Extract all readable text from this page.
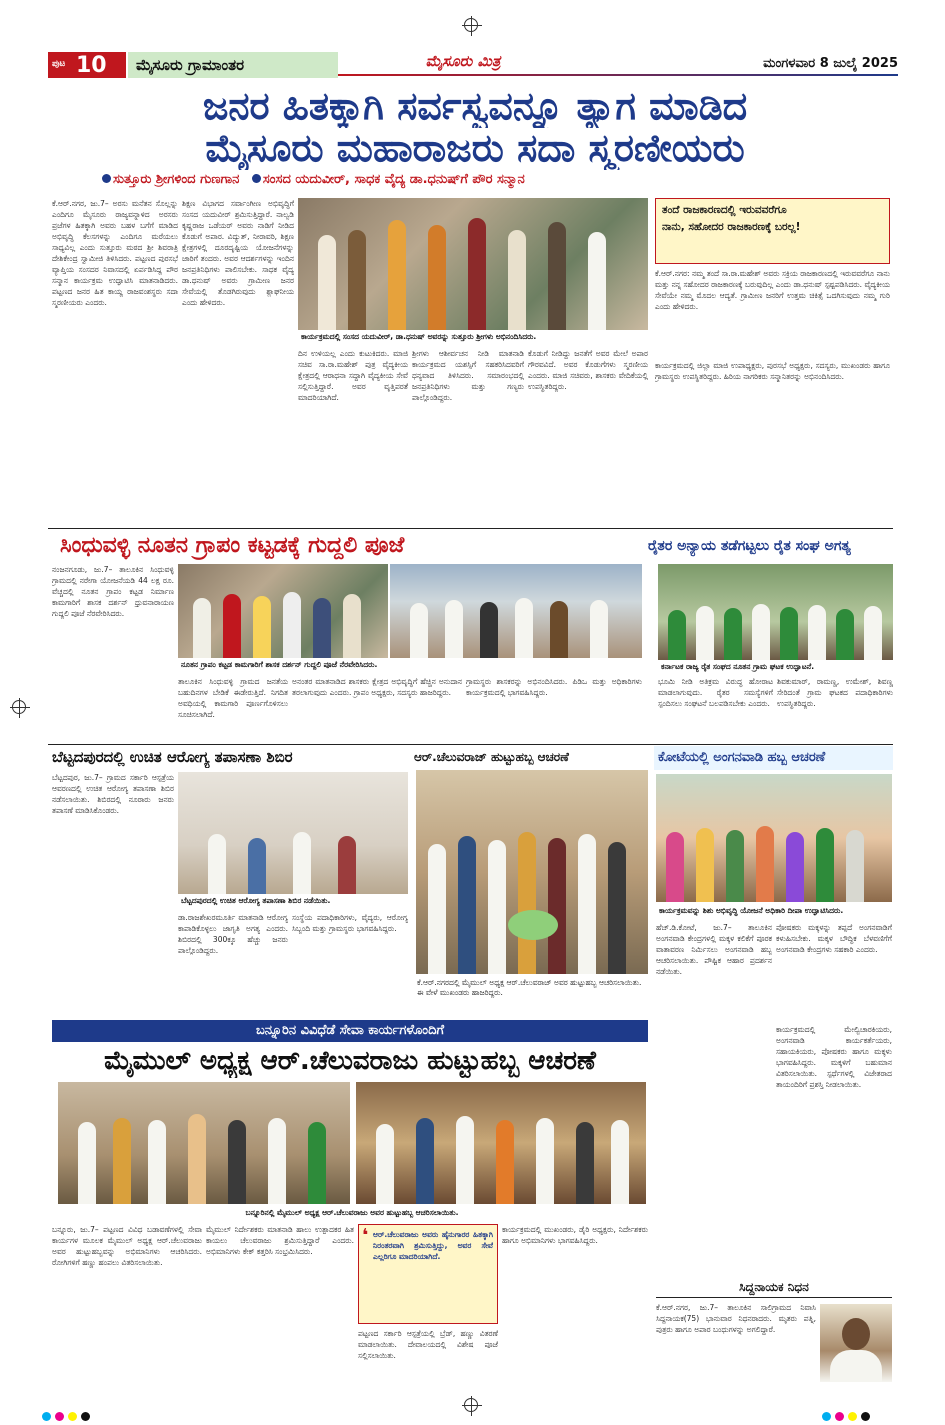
ಪುಟ 10	ಮೈಸೂರು ಗ್ರಾಮಾಂತರ	ಮೈಸೂರು ಮಿತ್ರ	ಮಂಗಳವಾರ 8 ಜುಲೈ 2025
ಜನರ ಹಿತಕ್ಕಾಗಿ ಸರ್ವಸ್ವವನ್ನೂ ತ್ಯಾಗ ಮಾಡಿದ
ಮೈಸೂರು ಮಹಾರಾಜರು ಸದಾ ಸ್ಮರಣೀಯರು
ಸುತ್ತೂರು ಶ್ರೀಗಳಿಂದ ಗುಣಗಾನ ಸಂಸದ ಯದುವೀರ್, ಸಾಧಕ ವೈದ್ಯ ಡಾ.ಧನುಷ್‌ಗೆ ಪೌರ ಸನ್ಮಾನ
ಕೆ.ಆರ್.ನಗರ, ಜು.7– ಅರಸು ಮನೆತನ ಸೊಲ್ಲನ್ನು ಎಂದಿಗೂ ಮೈಸೂರು ರಾಜ್ಯವನ್ನಾಳಿದ ಅರಸರು ಪ್ರಜೆಗಳ ಹಿತಕ್ಕಾಗಿ ಅವರು ಬಹಳ ಬಗೆಗೆ ಮಾಡಿದ ಅಭಿವೃದ್ಧಿ ಕೆಲಸಗಳನ್ನು ಎಂದಿಗೂ ಮರೆಯಲು ಸಾಧ್ಯವಿಲ್ಲ ಎಂದು ಸುತ್ತೂರು ಮಠದ ಶ್ರೀ ಶಿವರಾತ್ರಿ ದೇಶಿಕೇಂದ್ರ ಸ್ವಾಮೀಜಿ ತಿಳಿಸಿದರು. ಪಟ್ಟಣದ ಪುರಸಭೆ ವ್ಯಾಪ್ತಿಯ ಸಂಸದರ ನಿವಾಸದಲ್ಲಿ ಏರ್ಪಡಿಸಿದ್ದ ಪೌರ ಸನ್ಮಾನ ಕಾರ್ಯಕ್ರಮ ಉದ್ಘಾಟಿಸಿ ಮಾತನಾಡಿದರು. ಪಟ್ಟಣದ ಜನರ ಹಿತ ಕಾಯ್ದ ರಾಜವಂಶಸ್ಥರು ಸದಾ ಸ್ಮರಣೀಯರು ಎಂದರು.
ಶಿಕ್ಷಣ ವಿಭಾಗದ ಸರ್ವಾಂಗೀಣ ಅಭಿವೃದ್ಧಿಗೆ ಸಂಸದ ಯದುವೀರ್ ಶ್ರಮಿಸುತ್ತಿದ್ದಾರೆ. ನಾಲ್ವಡಿ ಕೃಷ್ಣರಾಜ ಒಡೆಯರ್ ಅವರು ನಾಡಿಗೆ ನೀಡಿದ ಕೊಡುಗೆ ಅಪಾರ. ವಿದ್ಯುತ್, ನೀರಾವರಿ, ಶಿಕ್ಷಣ ಕ್ಷೇತ್ರಗಳಲ್ಲಿ ದೂರದೃಷ್ಟಿಯ ಯೋಜನೆಗಳನ್ನು ಜಾರಿಗೆ ತಂದರು. ಅವರ ಆದರ್ಶಗಳನ್ನು ಇಂದಿನ ಜನಪ್ರತಿನಿಧಿಗಳು ಪಾಲಿಸಬೇಕು. ಸಾಧಕ ವೈದ್ಯ ಡಾ.ಧನುಷ್ ಅವರು ಗ್ರಾಮೀಣ ಜನರ ಸೇವೆಯಲ್ಲಿ ತೊಡಗಿರುವುದು ಶ್ಲಾಘನೀಯ ಎಂದು ಹೇಳಿದರು.
ಕಾರ್ಯಕ್ರಮದಲ್ಲಿ ಸಂಸದ ಯದುವೀರ್, ಡಾ.ಧನುಷ್ ಅವರನ್ನು ಸುತ್ತೂರು ಶ್ರೀಗಳು ಅಭಿನಂದಿಸಿದರು.
ದಿನ ಉಳಿಯಲ್ಲ ಎಂದು ಕುಟುಕಿದರು. ಮಾಜಿ ಸಚಿವ ಸಾ.ರಾ.ಮಹೇಶ್ ಪುತ್ರ ವೈದ್ಯಕೀಯ ಕ್ಷೇತ್ರದಲ್ಲಿ ಆರಾಧನಾ ಸದ್ದಾಗಿ ವೈದ್ಯಕೀಯ ಸೇವೆ ಸಲ್ಲಿಸುತ್ತಿದ್ದಾರೆ. ಅವರ ವೃತ್ತಿಪರತೆ ಮಾದರಿಯಾಗಿದೆ.
ಶ್ರೀಗಳು ಆಶೀರ್ವಚನ ನೀಡಿ ಮಾತನಾಡಿ ಕಾರ್ಯಕ್ರಮದ ಯಶಸ್ಸಿಗೆ ಸಹಕರಿಸಿದವರಿಗೆ ಧನ್ಯವಾದ ತಿಳಿಸಿದರು. ಸಮಾರಂಭದಲ್ಲಿ ಜನಪ್ರತಿನಿಧಿಗಳು ಮತ್ತು ಗಣ್ಯರು ಪಾಲ್ಗೊಂಡಿದ್ದರು.
ಕೊಡುಗೆ ನೀಡಿದ್ದು ಜನತೆಗೆ ಅವರ ಮೇಲೆ ಅಪಾರ ಗೌರವವಿದೆ. ಅವರ ಕೊಡುಗೆಗಳು ಸ್ಮರಣೀಯ ಎಂದರು. ಮಾಜಿ ಸಚಿವರು, ಶಾಸಕರು ವೇದಿಕೆಯಲ್ಲಿ ಉಪಸ್ಥಿತರಿದ್ದರು.
ತಂದೆ ರಾಜಕಾರಣದಲ್ಲಿ ಇರುವವರೆಗೂ
ನಾನು, ಸಹೋದರ ರಾಜಕಾರಣಕ್ಕೆ ಬರಲ್ಲ!
ಕೆ.ಆರ್.ನಗರ: ನಮ್ಮ ತಂದೆ ಸಾ.ರಾ.ಮಹೇಶ್ ಅವರು ಸಕ್ರಿಯ ರಾಜಕಾರಣದಲ್ಲಿ ಇರುವವರೆಗೂ ನಾನು ಮತ್ತು ನನ್ನ ಸಹೋದರ ರಾಜಕಾರಣಕ್ಕೆ ಬರುವುದಿಲ್ಲ ಎಂದು ಡಾ.ಧನುಷ್ ಸ್ಪಷ್ಟಪಡಿಸಿದರು. ವೈದ್ಯಕೀಯ ಸೇವೆಯೇ ನಮ್ಮ ಮೊದಲ ಆದ್ಯತೆ. ಗ್ರಾಮೀಣ ಜನರಿಗೆ ಉತ್ತಮ ಚಿಕಿತ್ಸೆ ಒದಗಿಸುವುದು ನಮ್ಮ ಗುರಿ ಎಂದು ಹೇಳಿದರು.
ಕಾರ್ಯಕ್ರಮದಲ್ಲಿ ಜಿಲ್ಲಾ ಮಾಜಿ ಉಪಾಧ್ಯಕ್ಷರು, ಪುರಸಭೆ ಅಧ್ಯಕ್ಷರು, ಸದಸ್ಯರು, ಮುಖಂಡರು ಹಾಗೂ ಗ್ರಾಮಸ್ಥರು ಉಪಸ್ಥಿತರಿದ್ದರು. ಹಿರಿಯ ನಾಗರಿಕರು ಸನ್ಮಾನಿತರನ್ನು ಅಭಿನಂದಿಸಿದರು.
ಸಿಂಧುವಳ್ಳಿ ನೂತನ ಗ್ರಾಪಂ ಕಟ್ಟಡಕ್ಕೆ ಗುದ್ದಲಿ ಪೂಜೆ
ನಂಜನಗೂಡು, ಜು.7– ತಾಲೂಕಿನ ಸಿಂಧುವಳ್ಳಿ ಗ್ರಾಮದಲ್ಲಿ ನರೇಗಾ ಯೋಜನೆಯಡಿ 44 ಲಕ್ಷ ರೂ. ವೆಚ್ಚದಲ್ಲಿ ನೂತನ ಗ್ರಾಪಂ ಕಟ್ಟಡ ನಿರ್ಮಾಣ ಕಾಮಗಾರಿಗೆ ಶಾಸಕ ದರ್ಶನ್ ಧ್ರುವನಾರಾಯಣ ಗುದ್ದಲಿ ಪೂಜೆ ನೆರವೇರಿಸಿದರು.
ನೂತನ ಗ್ರಾಪಂ ಕಟ್ಟಡ ಕಾಮಗಾರಿಗೆ ಶಾಸಕ ದರ್ಶನ್ ಗುದ್ದಲಿ ಪೂಜೆ ನೆರವೇರಿಸಿದರು.
ತಾಲೂಕಿನ ಸಿಂಧುವಳ್ಳಿ ಗ್ರಾಮದ ಜನತೆಯ ಬಹುದಿನಗಳ ಬೇಡಿಕೆ ಈಡೇರುತ್ತಿದೆ. ನಿಗದಿತ ಅವಧಿಯಲ್ಲಿ ಕಾಮಗಾರಿ ಪೂರ್ಣಗೊಳಿಸಲು ಸೂಚಿಸಲಾಗಿದೆ.
ಅನಂತರ ಮಾತನಾಡಿದ ಶಾಸಕರು ಕ್ಷೇತ್ರದ ಅಭಿವೃದ್ಧಿಗೆ ಹೆಚ್ಚಿನ ಅನುದಾನ ತರಲಾಗುವುದು ಎಂದರು. ಗ್ರಾಪಂ ಅಧ್ಯಕ್ಷರು, ಸದಸ್ಯರು ಹಾಜರಿದ್ದರು.
ಗ್ರಾಮಸ್ಥರು ಶಾಸಕರನ್ನು ಅಭಿನಂದಿಸಿದರು. ಪಿಡಿಒ ಮತ್ತು ಅಧಿಕಾರಿಗಳು ಕಾರ್ಯಕ್ರಮದಲ್ಲಿ ಭಾಗವಹಿಸಿದ್ದರು.
ರೈತರ ಅನ್ಯಾಯ ತಡೆಗಟ್ಟಲು ರೈತ ಸಂಘ ಅಗತ್ಯ
ಕರ್ನಾಟಕ ರಾಜ್ಯ ರೈತ ಸಂಘದ ನೂತನ ಗ್ರಾಮ ಘಟಕ ಉದ್ಘಾಟನೆ.
ಭೂಮಿ ನೀಡಿ ಅತಿಕ್ರಮ ವಿರುದ್ಧ ಹೋರಾಟ ಮಾಡಲಾಗುವುದು. ರೈತರ ಸಮಸ್ಯೆಗಳಿಗೆ ಸ್ಪಂದಿಸಲು ಸಂಘಟನೆ ಬಲಪಡಿಸಬೇಕು ಎಂದರು.
ಶಿವಕುಮಾರ್, ರಾಮಣ್ಣ, ಉಮೇಶ್, ಶಿವಣ್ಣ ಸೇರಿದಂತೆ ಗ್ರಾಮ ಘಟಕದ ಪದಾಧಿಕಾರಿಗಳು ಉಪಸ್ಥಿತರಿದ್ದರು.
ಬೆಟ್ಟದಪುರದಲ್ಲಿ ಉಚಿತ ಆರೋಗ್ಯ ತಪಾಸಣಾ ಶಿಬಿರ
ಬೆಟ್ಟದಪುರ, ಜು.7– ಗ್ರಾಮದ ಸರ್ಕಾರಿ ಆಸ್ಪತ್ರೆಯ ಆವರಣದಲ್ಲಿ ಉಚಿತ ಆರೋಗ್ಯ ತಪಾಸಣಾ ಶಿಬಿರ ನಡೆಸಲಾಯಿತು. ಶಿಬಿರದಲ್ಲಿ ನೂರಾರು ಜನರು ತಪಾಸಣೆ ಮಾಡಿಸಿಕೊಂಡರು.
ಬೆಟ್ಟದಪುರದಲ್ಲಿ ಉಚಿತ ಆರೋಗ್ಯ ತಪಾಸಣಾ ಶಿಬಿರ ನಡೆಯಿತು.
ಡಾ.ರಾಜಶೇಖರಮೂರ್ತಿ ಮಾತನಾಡಿ ಆರೋಗ್ಯ ಕಾಪಾಡಿಕೊಳ್ಳಲು ಜಾಗೃತಿ ಅಗತ್ಯ ಎಂದರು. ಶಿಬಿರದಲ್ಲಿ 300ಕ್ಕೂ ಹೆಚ್ಚು ಜನರು ಪಾಲ್ಗೊಂಡಿದ್ದರು.
ಸಂಸ್ಥೆಯ ಪದಾಧಿಕಾರಿಗಳು, ವೈದ್ಯರು, ಆರೋಗ್ಯ ಸಿಬ್ಬಂದಿ ಮತ್ತು ಗ್ರಾಮಸ್ಥರು ಭಾಗವಹಿಸಿದ್ದರು.
ಆರ್.ಚೆಲುವರಾಜ್ ಹುಟ್ಟುಹಬ್ಬ ಆಚರಣೆ
ಕೆ.ಆರ್.ನಗರದಲ್ಲಿ ಮೈಮುಲ್ ಅಧ್ಯಕ್ಷ ಆರ್.ಚೆಲುವರಾಜ್ ಅವರ ಹುಟ್ಟುಹಬ್ಬ ಆಚರಿಸಲಾಯಿತು. ಈ ವೇಳೆ ಮುಖಂಡರು ಹಾಜರಿದ್ದರು.
ಕೋಟೆಯಲ್ಲಿ ಅಂಗನವಾಡಿ ಹಬ್ಬ ಆಚರಣೆ
ಕಾರ್ಯಕ್ರಮವನ್ನು ಶಿಶು ಅಭಿವೃದ್ಧಿ ಯೋಜನೆ ಅಧಿಕಾರಿ ದೀಪಾ ಉದ್ಘಾಟಿಸಿದರು.
ಹೆಚ್.ಡಿ.ಕೋಟೆ, ಜು.7– ತಾಲೂಕಿನ ಅಂಗನವಾಡಿ ಕೇಂದ್ರಗಳಲ್ಲಿ ಮಕ್ಕಳ ಕಲಿಕೆಗೆ ಪೂರಕ ವಾತಾವರಣ ನಿರ್ಮಿಸಲು ಅಂಗನವಾಡಿ ಹಬ್ಬ ಆಚರಿಸಲಾಯಿತು. ಪೌಷ್ಟಿಕ ಆಹಾರ ಪ್ರದರ್ಶನ ನಡೆಯಿತು.
ಪೋಷಕರು ಮಕ್ಕಳನ್ನು ತಪ್ಪದೆ ಅಂಗನವಾಡಿಗೆ ಕಳುಹಿಸಬೇಕು. ಮಕ್ಕಳ ಬೌದ್ಧಿಕ ಬೆಳವಣಿಗೆಗೆ ಅಂಗನವಾಡಿ ಕೇಂದ್ರಗಳು ಸಹಕಾರಿ ಎಂದರು.
ಕಾರ್ಯಕ್ರಮದಲ್ಲಿ ಮೇಲ್ವಿಚಾರಕಿಯರು, ಅಂಗನವಾಡಿ ಕಾರ್ಯಕರ್ತೆಯರು, ಸಹಾಯಕಿಯರು, ಪೋಷಕರು ಹಾಗೂ ಮಕ್ಕಳು ಭಾಗವಹಿಸಿದ್ದರು. ಮಕ್ಕಳಿಗೆ ಬಹುಮಾನ ವಿತರಿಸಲಾಯಿತು. ಸ್ಪರ್ಧೆಗಳಲ್ಲಿ ವಿಜೇತರಾದ ತಾಯಂದಿರಿಗೆ ಪ್ರಶಸ್ತಿ ನೀಡಲಾಯಿತು.
ಬನ್ನೂರಿನ ವಿವಿಧೆಡೆ ಸೇವಾ ಕಾರ್ಯಗಳೊಂದಿಗೆ
ಮೈಮುಲ್ ಅಧ್ಯಕ್ಷ ಆರ್.ಚೆಲುವರಾಜು ಹುಟ್ಟುಹಬ್ಬ ಆಚರಣೆ
ಬನ್ನೂರಿನಲ್ಲಿ ಮೈಮುಲ್ ಅಧ್ಯಕ್ಷ ಆರ್.ಚೆಲುವರಾಜು ಅವರ ಹುಟ್ಟುಹಬ್ಬ ಆಚರಿಸಲಾಯಿತು.
ಬನ್ನೂರು, ಜು.7– ಪಟ್ಟಣದ ವಿವಿಧ ಬಡಾವಣೆಗಳಲ್ಲಿ ಸೇವಾ ಕಾರ್ಯಗಳ ಮೂಲಕ ಮೈಮುಲ್ ಅಧ್ಯಕ್ಷ ಆರ್.ಚೆಲುವರಾಜು ಅವರ ಹುಟ್ಟುಹಬ್ಬವನ್ನು ಅಭಿಮಾನಿಗಳು ಆಚರಿಸಿದರು. ರೋಗಿಗಳಿಗೆ ಹಣ್ಣು ಹಂಪಲು ವಿತರಿಸಲಾಯಿತು.
ಮೈಮುಲ್ ನಿರ್ದೇಶಕರು ಮಾತನಾಡಿ ಹಾಲು ಉತ್ಪಾದಕರ ಹಿತ ಕಾಯಲು ಚೆಲುವರಾಜು ಶ್ರಮಿಸುತ್ತಿದ್ದಾರೆ ಎಂದರು. ಅಭಿಮಾನಿಗಳು ಕೇಕ್ ಕತ್ತರಿಸಿ ಸಂಭ್ರಮಿಸಿದರು.
❛ ಆರ್.ಚೆಲುವರಾಜು ಅವರು ಹೈನುಗಾರರ ಹಿತಕ್ಕಾಗಿ ನಿರಂತರವಾಗಿ ಶ್ರಮಿಸುತ್ತಿದ್ದು, ಅವರ ಸೇವೆ ಎಲ್ಲರಿಗೂ ಮಾದರಿಯಾಗಿದೆ.
ಪಟ್ಟಣದ ಸರ್ಕಾರಿ ಆಸ್ಪತ್ರೆಯಲ್ಲಿ ಬ್ರೆಡ್, ಹಣ್ಣು ವಿತರಣೆ ಮಾಡಲಾಯಿತು. ದೇವಾಲಯದಲ್ಲಿ ವಿಶೇಷ ಪೂಜೆ ಸಲ್ಲಿಸಲಾಯಿತು.
ಕಾರ್ಯಕ್ರಮದಲ್ಲಿ ಮುಖಂಡರು, ಡೈರಿ ಅಧ್ಯಕ್ಷರು, ನಿರ್ದೇಶಕರು ಹಾಗೂ ಅಭಿಮಾನಿಗಳು ಭಾಗವಹಿಸಿದ್ದರು.
ಸಿದ್ದನಾಯಕ ನಿಧನ
ಕೆ.ಆರ್.ನಗರ, ಜು.7– ತಾಲೂಕಿನ ಸಾಲಿಗ್ರಾಮದ ನಿವಾಸಿ ಸಿದ್ದನಾಯಕ(75) ಭಾನುವಾರ ನಿಧನರಾದರು. ಮೃತರು ಪತ್ನಿ, ಪುತ್ರರು ಹಾಗೂ ಅಪಾರ ಬಂಧುಗಳನ್ನು ಅಗಲಿದ್ದಾರೆ.
